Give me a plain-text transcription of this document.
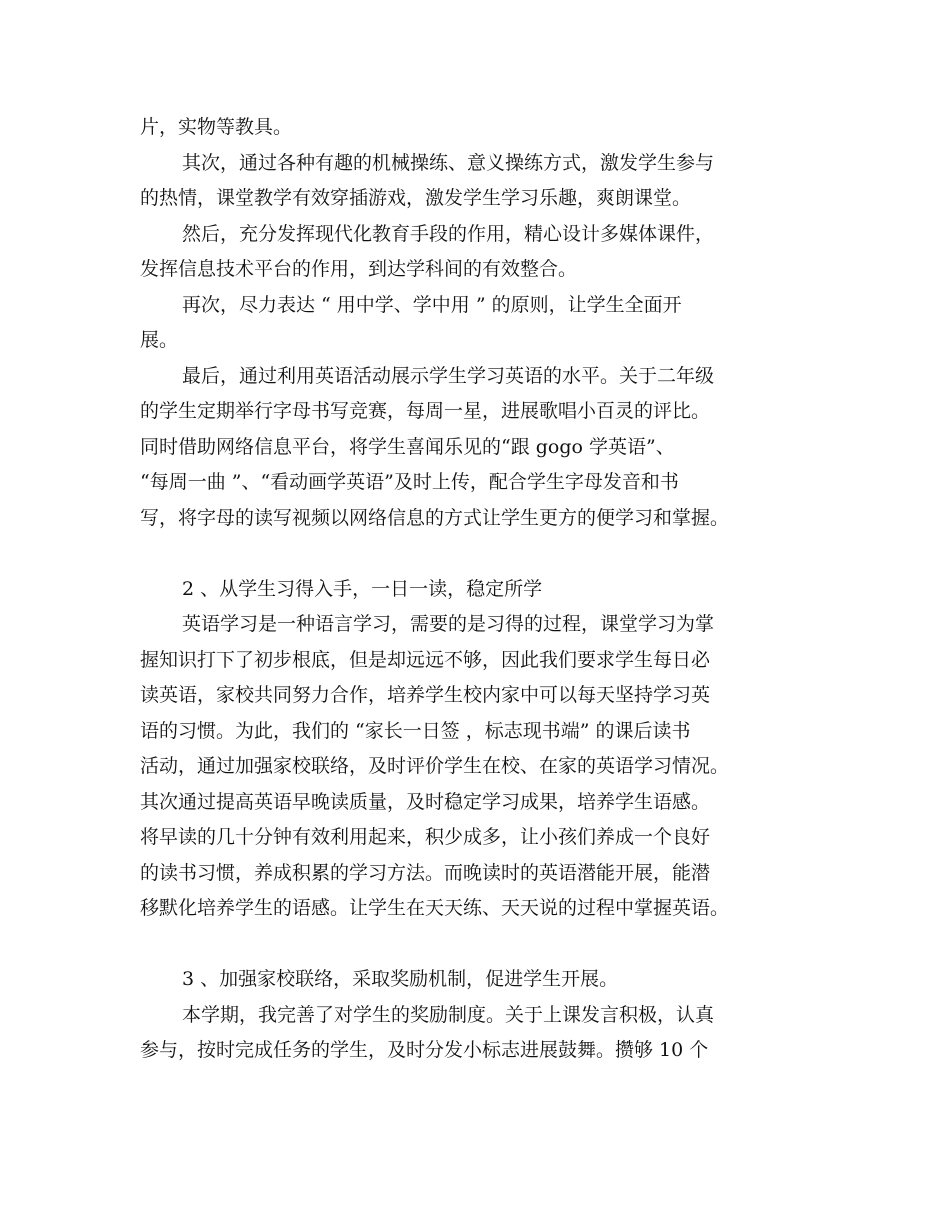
片，实物等教具。
其次，通过各种有趣的机械操练、意义操练方式，激发学生参与
的热情，课堂教学有效穿插游戏，激发学生学习乐趣，爽朗课堂。
然后，充分发挥现代化教育手段的作用，精心设计多媒体课件，
发挥信息技术平台的作用，到达学科间的有效整合。
再次，尽力表达 “ 用中学、学中用 ” 的原则，让学生全面开
展。
最后，通过利用英语活动展示学生学习英语的水平。关于二年级
的学生定期举行字母书写竞赛，每周一星，进展歌唱小百灵的评比。
同时借助网络信息平台，将学生喜闻乐见的“跟 gogo 学英语”、
“每周一曲 ”、“看动画学英语”及时上传，配合学生字母发音和书
写，将字母的读写视频以网络信息的方式让学生更方的便学习和掌握。
2 、从学生习得入手，一日一读，稳定所学
英语学习是一种语言学习，需要的是习得的过程，课堂学习为掌
握知识打下了初步根底，但是却远远不够，因此我们要求学生每日必
读英语，家校共同努力合作，培养学生校内家中可以每天坚持学习英
语的习惯。为此，我们的 “家长一日签 ，标志现书端” 的课后读书
活动，通过加强家校联络，及时评价学生在校、在家的英语学习情况。
其次通过提高英语早晚读质量，及时稳定学习成果，培养学生语感。
将早读的几十分钟有效利用起来，积少成多，让小孩们养成一个良好
的读书习惯，养成积累的学习方法。而晚读时的英语潜能开展，能潜
移默化培养学生的语感。让学生在天天练、天天说的过程中掌握英语。
3 、加强家校联络，采取奖励机制，促进学生开展。
本学期，我完善了对学生的奖励制度。关于上课发言积极，认真
参与，按时完成任务的学生，及时分发小标志进展鼓舞。攒够 10 个
